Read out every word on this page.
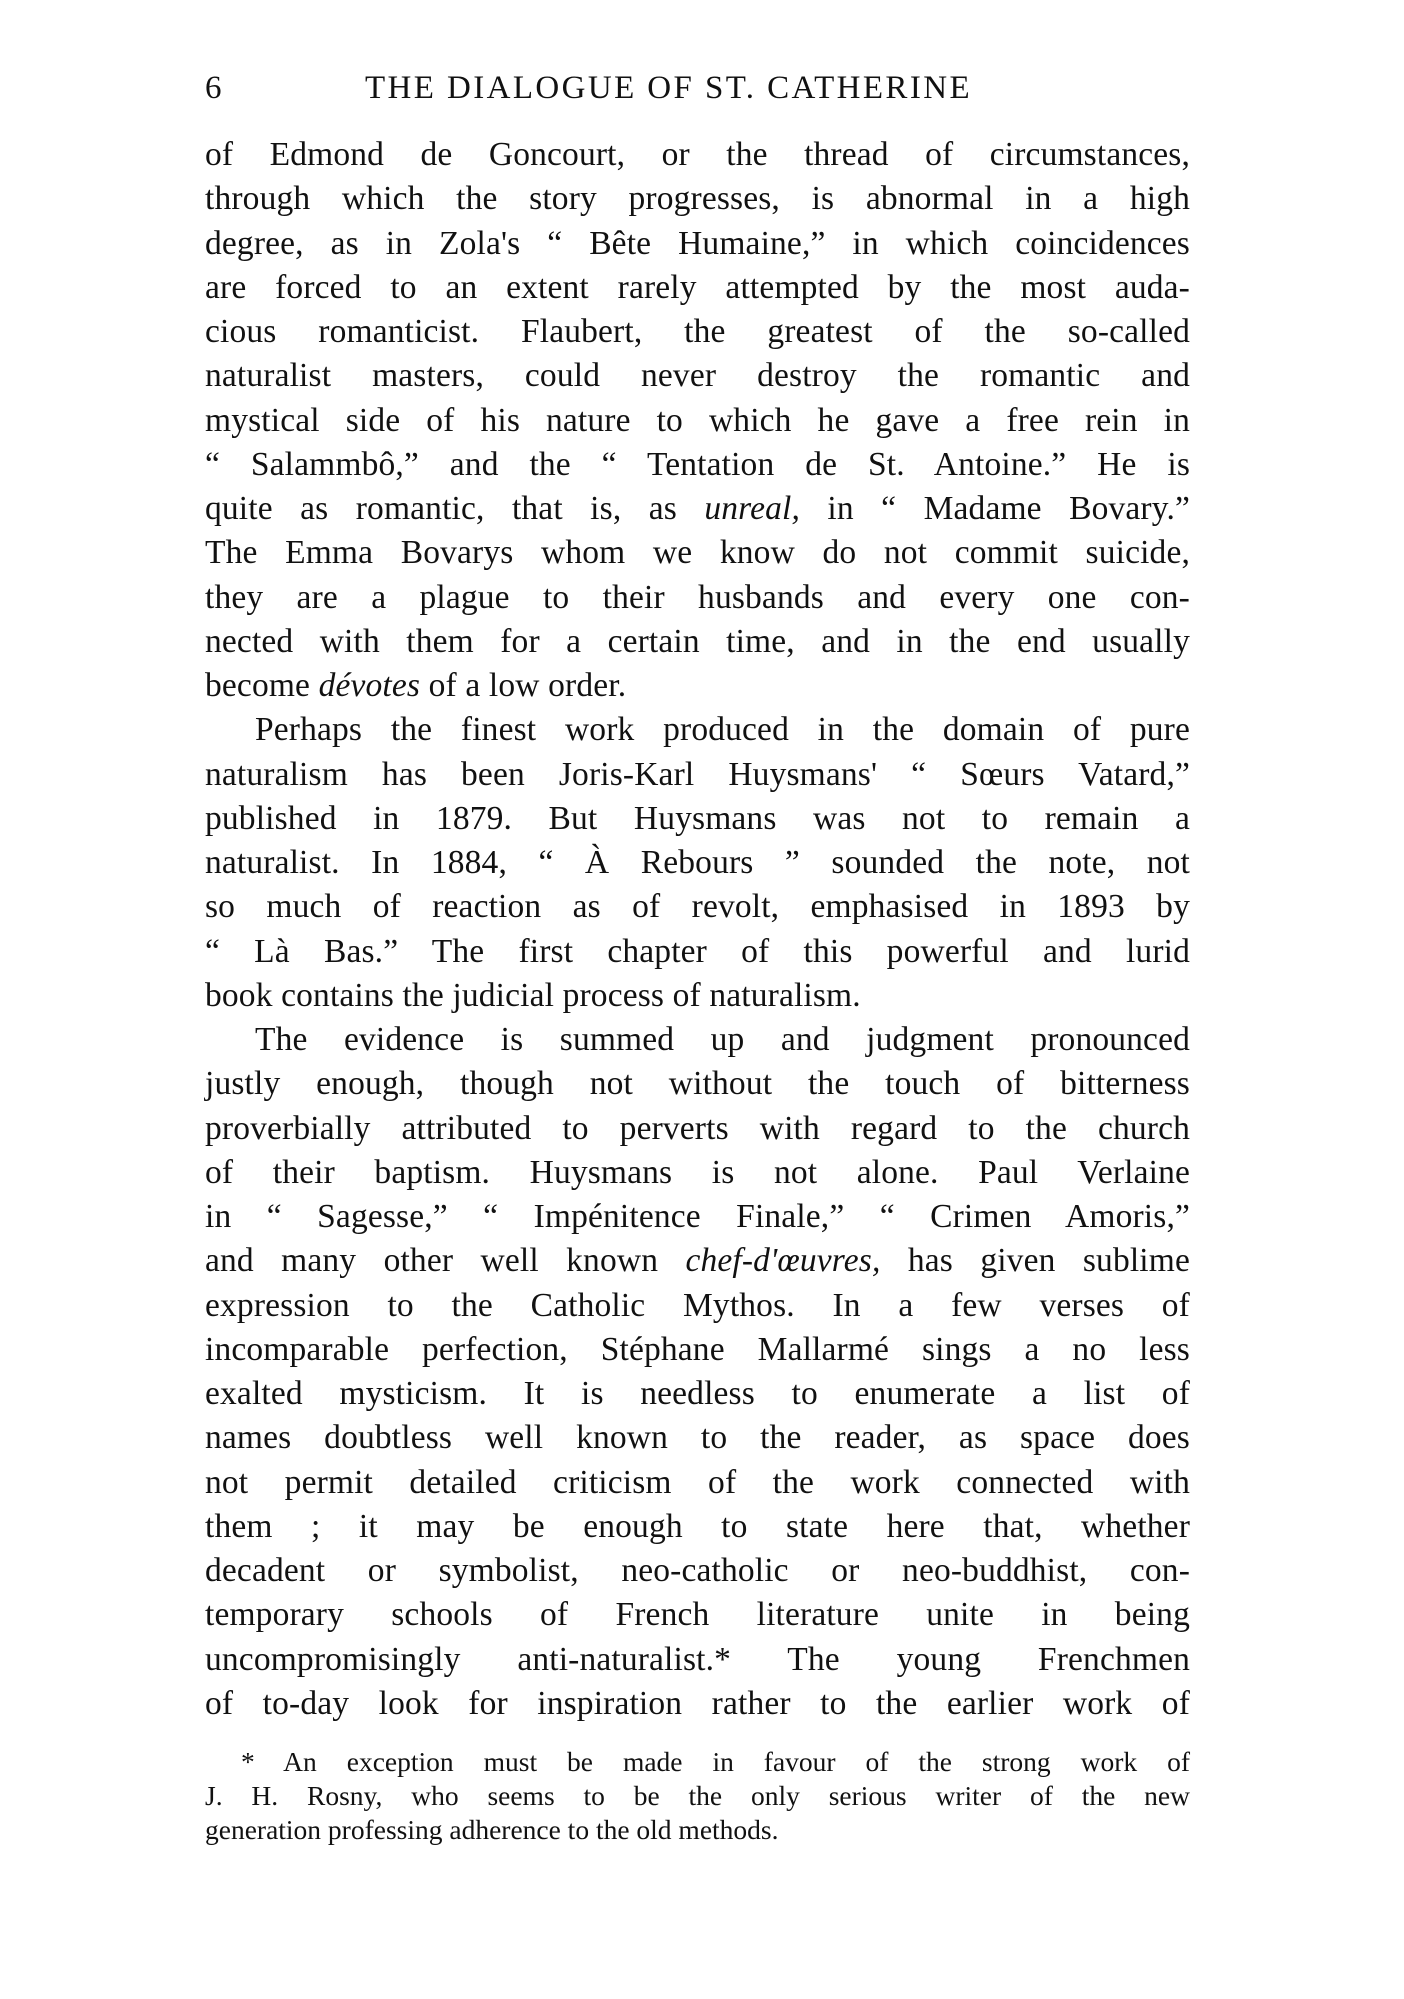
6	THE DIALOGUE OF ST. CATHERINE

of Edmond de Goncourt, or the thread of circumstances,

through which the story progresses, is abnormal in a high

degree, as in Zola's “ Bête Humaine,” in which coincidences

are forced to an extent rarely attempted by the most auda-

cious romanticist. Flaubert, the greatest of the so-called

naturalist masters, could never destroy the romantic and

mystical side of his nature to which he gave a free rein in

“ Salammbô,” and the “ Tentation de St. Antoine.” He is

quite as romantic, that is, as unreal, in “ Madame Bovary.”

The Emma Bovarys whom we know do not commit suicide,

they are a plague to their husbands and every one con-

nected with them for a certain time, and in the end usually

become dévotes of a low order.

Perhaps the finest work produced in the domain of pure

naturalism has been Joris-Karl Huysmans' “ Sœurs Vatard,”

published in 1879. But Huysmans was not to remain a

naturalist. In 1884, “ À Rebours ” sounded the note, not

so much of reaction as of revolt, emphasised in 1893 by

“ Là Bas.” The first chapter of this powerful and lurid

book contains the judicial process of naturalism.

The evidence is summed up and judgment pronounced

justly enough, though not without the touch of bitterness

proverbially attributed to perverts with regard to the church

of their baptism. Huysmans is not alone. Paul Verlaine

in “ Sagesse,” “ Impénitence Finale,” “ Crimen Amoris,”

and many other well known chef-d'œuvres, has given sublime

expression to the Catholic Mythos. In a few verses of

incomparable perfection, Stéphane Mallarmé sings a no less

exalted mysticism. It is needless to enumerate a list of

names doubtless well known to the reader, as space does

not permit detailed criticism of the work connected with

them ; it may be enough to state here that, whether

decadent or symbolist, neo-catholic or neo-buddhist, con-

temporary schools of French literature unite in being

uncompromisingly anti-naturalist.* The young Frenchmen

of to-day look for inspiration rather to the earlier work of

* An exception must be made in favour of the strong work of

J. H. Rosny, who seems to be the only serious writer of the new

generation professing adherence to the old methods.
